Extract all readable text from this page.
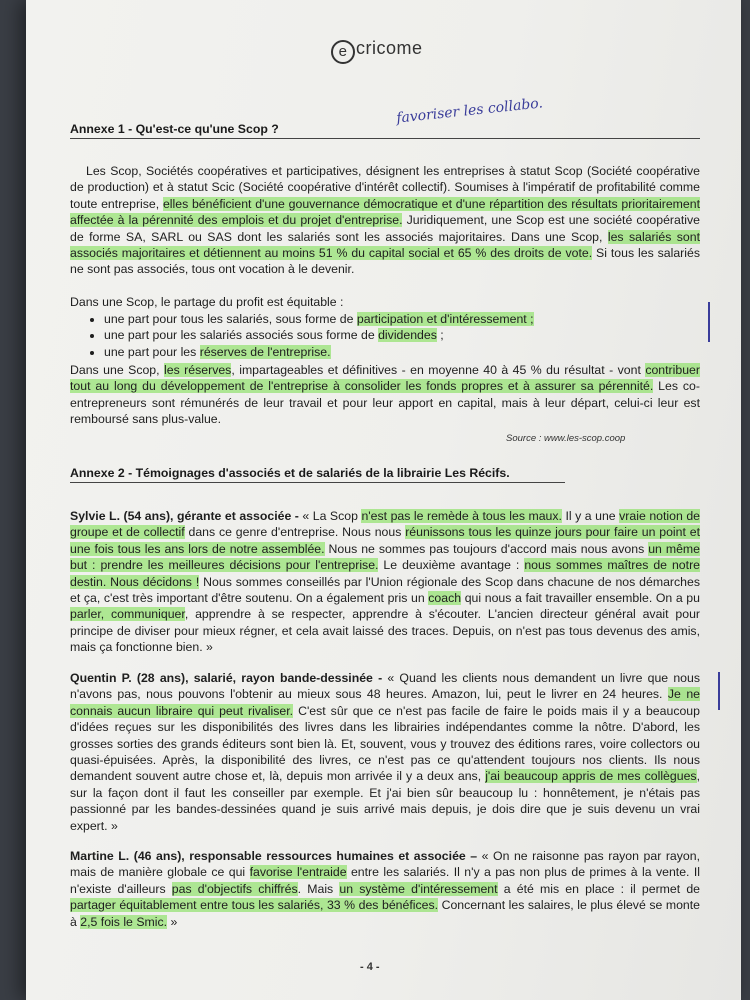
e cricome
favoriser les collabo.
Annexe 1 - Qu'est-ce qu'une Scop ?

Les Scop, Sociétés coopératives et participatives, désignent les entreprises à statut Scop (Société coopérative de production) et à statut Scic (Société coopérative d'intérêt collectif). Soumises à l'impératif de profitabilité comme toute entreprise, elles bénéficient d'une gouvernance démocratique et d'une répartition des résultats prioritairement affectée à la pérennité des emplois et du projet d'entreprise. Juridiquement, une Scop est une société coopérative de forme SA, SARL ou SAS dont les salariés sont les associés majoritaires. Dans une Scop, les salariés sont associés majoritaires et détiennent au moins 51 % du capital social et 65 % des droits de vote. Si tous les salariés ne sont pas associés, tous ont vocation à le devenir.

Dans une Scop, le partage du profit est équitable :

• une part pour tous les salariés, sous forme de participation et d'intéressement ;
• une part pour les salariés associés sous forme de dividendes ;
• une part pour les réserves de l'entreprise.

Dans une Scop, les réserves, impartageables et définitives - en moyenne 40 à 45 % du résultat - vont contribuer tout au long du développement de l'entreprise à consolider les fonds propres et à assurer sa pérennité. Les co-entrepreneurs sont rémunérés de leur travail et pour leur apport en capital, mais à leur départ, celui-ci leur est remboursé sans plus-value.

Source : www.les-scop.coop
Annexe 2 - Témoignages d'associés et de salariés de la librairie Les Récifs.

Sylvie L. (54 ans), gérante et associée - « La Scop n'est pas le remède à tous les maux. Il y a une vraie notion de groupe et de collectif dans ce genre d'entreprise. Nous nous réunissons tous les quinze jours pour faire un point et une fois tous les ans lors de notre assemblée. Nous ne sommes pas toujours d'accord mais nous avons un même but : prendre les meilleures décisions pour l'entreprise. Le deuxième avantage : nous sommes maîtres de notre destin. Nous décidons ! Nous sommes conseillés par l'Union régionale des Scop dans chacune de nos démarches et ça, c'est très important d'être soutenu. On a également pris un coach qui nous a fait travailler ensemble. On a pu parler, communiquer, apprendre à se respecter, apprendre à s'écouter. L'ancien directeur général avait pour principe de diviser pour mieux régner, et cela avait laissé des traces. Depuis, on n'est pas tous devenus des amis, mais ça fonctionne bien. »

Quentin P. (28 ans), salarié, rayon bande-dessinée - « Quand les clients nous demandent un livre que nous n'avons pas, nous pouvons l'obtenir au mieux sous 48 heures. Amazon, lui, peut le livrer en 24 heures. Je ne connais aucun libraire qui peut rivaliser. C'est sûr que ce n'est pas facile de faire le poids mais il y a beaucoup d'idées reçues sur les disponibilités des livres dans les librairies indépendantes comme la nôtre. D'abord, les grosses sorties des grands éditeurs sont bien là. Et, souvent, vous y trouvez des éditions rares, voire collectors ou quasi-épuisées. Après, la disponibilité des livres, ce n'est pas ce qu'attendent toujours nos clients. Ils nous demandent souvent autre chose et, là, depuis mon arrivée il y a deux ans, j'ai beaucoup appris de mes collègues, sur la façon dont il faut les conseiller par exemple. Et j'ai bien sûr beaucoup lu : honnêtement, je n'étais pas passionné par les bandes-dessinées quand je suis arrivé mais depuis, je dois dire que je suis devenu un vrai expert. »

Martine L. (46 ans), responsable ressources humaines et associée – « On ne raisonne pas rayon par rayon, mais de manière globale ce qui favorise l'entraide entre les salariés. Il n'y a pas non plus de primes à la vente. Il n'existe d'ailleurs pas d'objectifs chiffrés. Mais un système d'intéressement a été mis en place : il permet de partager équitablement entre tous les salariés, 33 % des bénéfices. Concernant les salaires, le plus élevé se monte à 2,5 fois le Smic. »

- 4 -
